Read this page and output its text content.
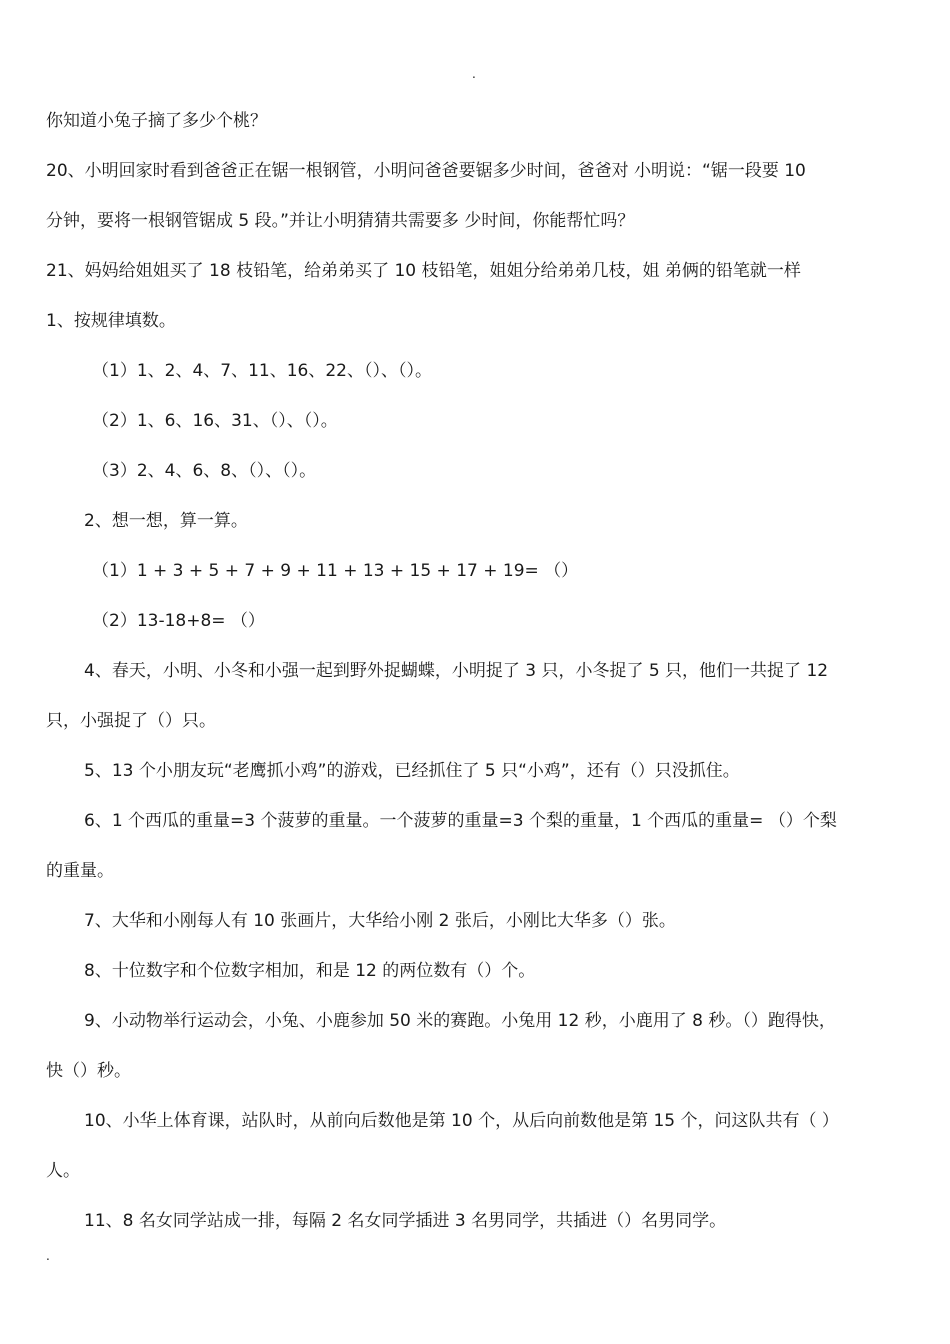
.
你知道小兔子摘了多少个桃？
20、小明回家时看到爸爸正在锯一根钢管，小明问爸爸要锯多少时间，爸爸对 小明说：“锯一段要 10
分钟，要将一根钢管锯成 5 段。”并让小明猜猜共需要多 少时间，你能帮忙吗？
21、妈妈给姐姐买了 18 枝铅笔，给弟弟买了 10 枝铅笔，姐姐分给弟弟几枝，姐 弟俩的铅笔就一样
1、按规律填数。
（1）1、2、4、7、11、16、22、（）、（）。
（2）1、6、16、31、（）、（）。
（3）2、4、6、8、（）、（）。
2、想一想，算一算。
（1）1 + 3 + 5 + 7 + 9 + 11 + 13 + 15 + 17 + 19= （）
（2）13-18+8= （）
4、春天，小明、小冬和小强一起到野外捉蝴蝶，小明捉了 3 只，小冬捉了 5 只，他们一共捉了 12
只，小强捉了（）只。
5、13 个小朋友玩“老鹰抓小鸡”的游戏，已经抓住了 5 只“小鸡”，还有（）只没抓住。
6、1 个西瓜的重量=3 个菠萝的重量。一个菠萝的重量=3 个梨的重量，1 个西瓜的重量= （）个梨
的重量。
7、大华和小刚每人有 10 张画片，大华给小刚 2 张后，小刚比大华多（）张。
8、十位数字和个位数字相加，和是 12 的两位数有（）个。
9、小动物举行运动会，小兔、小鹿参加 50 米的赛跑。小兔用 12 秒，小鹿用了 8 秒。（）跑得快，
快（）秒。
10、小华上体育课，站队时，从前向后数他是第 10 个，从后向前数他是第 15 个，问这队共有（ ）
人。
11、8 名女同学站成一排，每隔 2 名女同学插进 3 名男同学，共插进（）名男同学。
.
